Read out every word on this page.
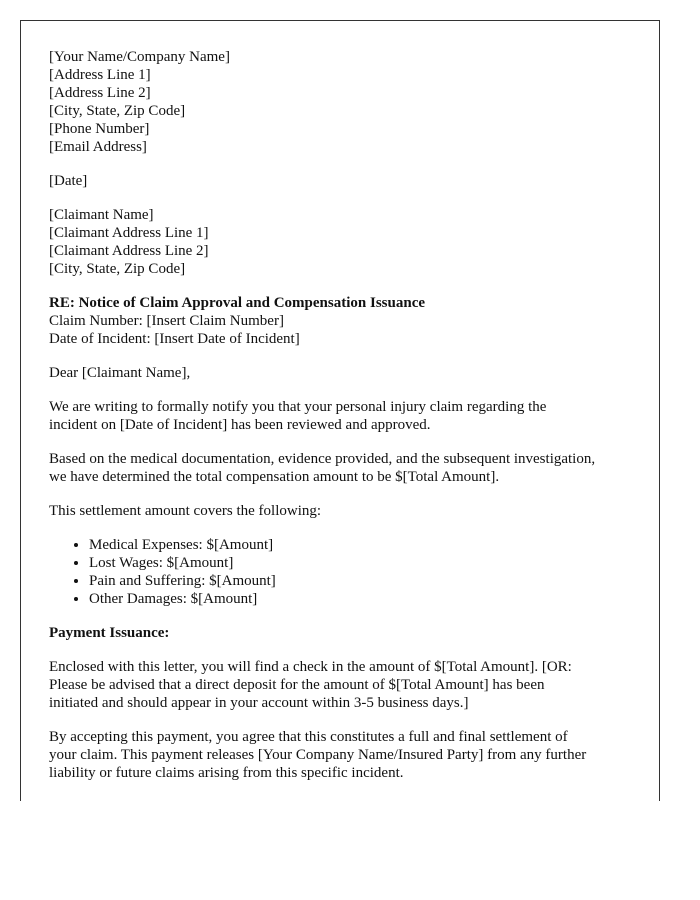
[Your Name/Company Name]
[Address Line 1]
[Address Line 2]
[City, State, Zip Code]
[Phone Number]
[Email Address]
[Date]
[Claimant Name]
[Claimant Address Line 1]
[Claimant Address Line 2]
[City, State, Zip Code]
RE: Notice of Claim Approval and Compensation Issuance
Claim Number: [Insert Claim Number]
Date of Incident: [Insert Date of Incident]
Dear [Claimant Name],
We are writing to formally notify you that your personal injury claim regarding the
incident on [Date of Incident] has been reviewed and approved.
Based on the medical documentation, evidence provided, and the subsequent investigation,
we have determined the total compensation amount to be $[Total Amount].
This settlement amount covers the following:
• Medical Expenses: $[Amount]
• Lost Wages: $[Amount]
• Pain and Suffering: $[Amount]
• Other Damages: $[Amount]
Payment Issuance:
Enclosed with this letter, you will find a check in the amount of $[Total Amount]. [OR:
Please be advised that a direct deposit for the amount of $[Total Amount] has been
initiated and should appear in your account within 3-5 business days.]
By accepting this payment, you agree that this constitutes a full and final settlement of
your claim. This payment releases [Your Company Name/Insured Party] from any further
liability or future claims arising from this specific incident.
